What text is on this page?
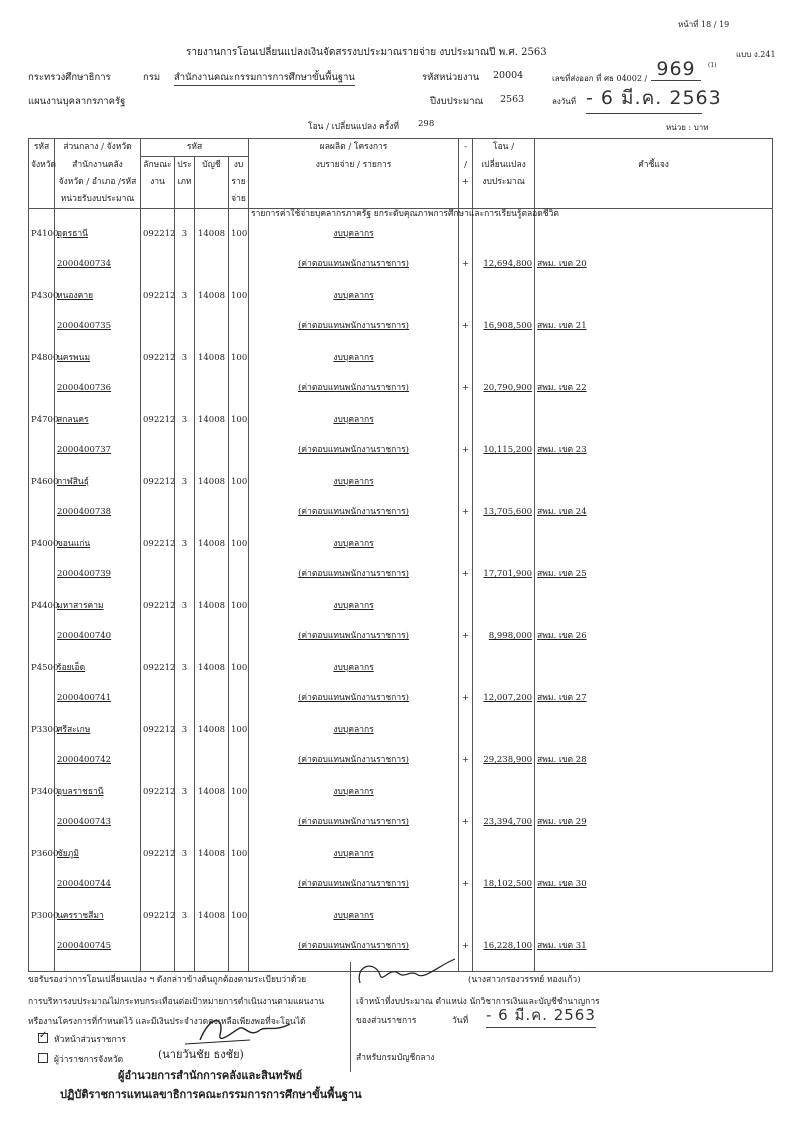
หน้าที่ 18 / 19
แบบ ง.241
รายงานการโอนเปลี่ยนแปลงเงินจัดสรรงบประมาณรายจ่าย งบประมาณปี พ.ศ. 2563
กระทรวงศึกษาธิการ	กรม สำนักงานคณะกรรมการการศึกษาขั้นพื้นฐาน	รหัสหน่วยงาน 20004	เลขที่ส่งออก ที่ ศธ 04002 / 969	(1)
แผนงานบุคลากรภาครัฐ	ปีงบประมาณ 2563	ลงวันที่ - 6 มี.ค. 2563
โอน / เปลี่ยนแปลง ครั้งที่ 298	หน่วย : บาท
รหัส	ส่วนกลาง / จังหวัด	รหัส				ผลผลิต / โครงการ	-	โอน /	
จังหวัด	สำนักงานคลัง	ลักษณะ	ประ	บัญชี	งบ	งบรายจ่าย / รายการ	/	เปลี่ยนแปลง	คำชี้แจง
	จังหวัด / อำเภอ /รหัส	งาน	เภท		ราย		+	งบประมาณ	
	หน่วยรับงบประมาณ				จ่าย				
						รายการค่าใช้จ่ายบุคลากรภาครัฐ ยกระดับคุณภาพการศึกษาและการเรียนรู้ตลอดชีวิต			
P4100	อุดรธานี	092212	3	14008	100	งบบุคลากร			
	2000400734					(ค่าตอบแทนพนักงานราชการ)	+	12,694,800	สพม. เขต 20
P4300	หนองคาย	092212	3	14008	100	งบบุคลากร			
	2000400735					(ค่าตอบแทนพนักงานราชการ)	+	16,908,500	สพม. เขต 21
P4800	นครพนม	092212	3	14008	100	งบบุคลากร			
	2000400736					(ค่าตอบแทนพนักงานราชการ)	+	20,790,900	สพม. เขต 22
P4700	สกลนคร	092212	3	14008	100	งบบุคลากร			
	2000400737					(ค่าตอบแทนพนักงานราชการ)	+	10,115,200	สพม. เขต 23
P4600	กาฬสินธุ์	092212	3	14008	100	งบบุคลากร			
	2000400738					(ค่าตอบแทนพนักงานราชการ)	+	13,705,600	สพม. เขต 24
P4000	ขอนแก่น	092212	3	14008	100	งบบุคลากร			
	2000400739					(ค่าตอบแทนพนักงานราชการ)	+	17,701,900	สพม. เขต 25
P4400	มหาสารคาม	092212	3	14008	100	งบบุคลากร			
	2000400740					(ค่าตอบแทนพนักงานราชการ)	+	8,998,000	สพม. เขต 26
P4500	ร้อยเอ็ด	092212	3	14008	100	งบบุคลากร			
	2000400741					(ค่าตอบแทนพนักงานราชการ)	+	12,007,200	สพม. เขต 27
P3300	ศรีสะเกษ	092212	3	14008	100	งบบุคลากร			
	2000400742					(ค่าตอบแทนพนักงานราชการ)	+	29,238,900	สพม. เขต 28
P3400	อุบลราชธานี	092212	3	14008	100	งบบุคลากร			
	2000400743					(ค่าตอบแทนพนักงานราชการ)	+	23,394,700	สพม. เขต 29
P3600	ชัยภูมิ	092212	3	14008	100	งบบุคลากร			
	2000400744					(ค่าตอบแทนพนักงานราชการ)	+	18,102,500	สพม. เขต 30
P3000	นครราชสีมา	092212	3	14008	100	งบบุคลากร			
	2000400745					(ค่าตอบแทนพนักงานราชการ)	+	16,228,100	สพม. เขต 31

ขอรับรองว่าการโอนเปลี่ยนแปลง ฯ ดังกล่าวข้างต้นถูกต้องตามระเบียบว่าด้วย
การบริหารงบประมาณไม่กระทบกระเทือนต่อเป้าหมายการดำเนินงานตามแผนงาน
หรืองานโครงการที่กำหนดไว้ และมีเงินประจำงวดคงเหลือเพียงพอที่จะโอนได้
✓หัวหน้าส่วนราชการ
ผู้ว่าราชการจังหวัด	(นายวันชัย ธงชัย)
ผู้อำนวยการสำนักการคลังและสินทรัพย์
ปฏิบัติราชการแทนเลขาธิการคณะกรรมการการศึกษาขั้นพื้นฐาน
(นางสาวกรองวรรทย์ ทองแก้ว)
เจ้าหน้าที่งบประมาณ ตำแหน่ง นักวิชาการเงินและบัญชีชำนาญการ
ของส่วนราชการ	วันที่ - 6 มี.ค. 2563
สำหรับกรมบัญชีกลาง
